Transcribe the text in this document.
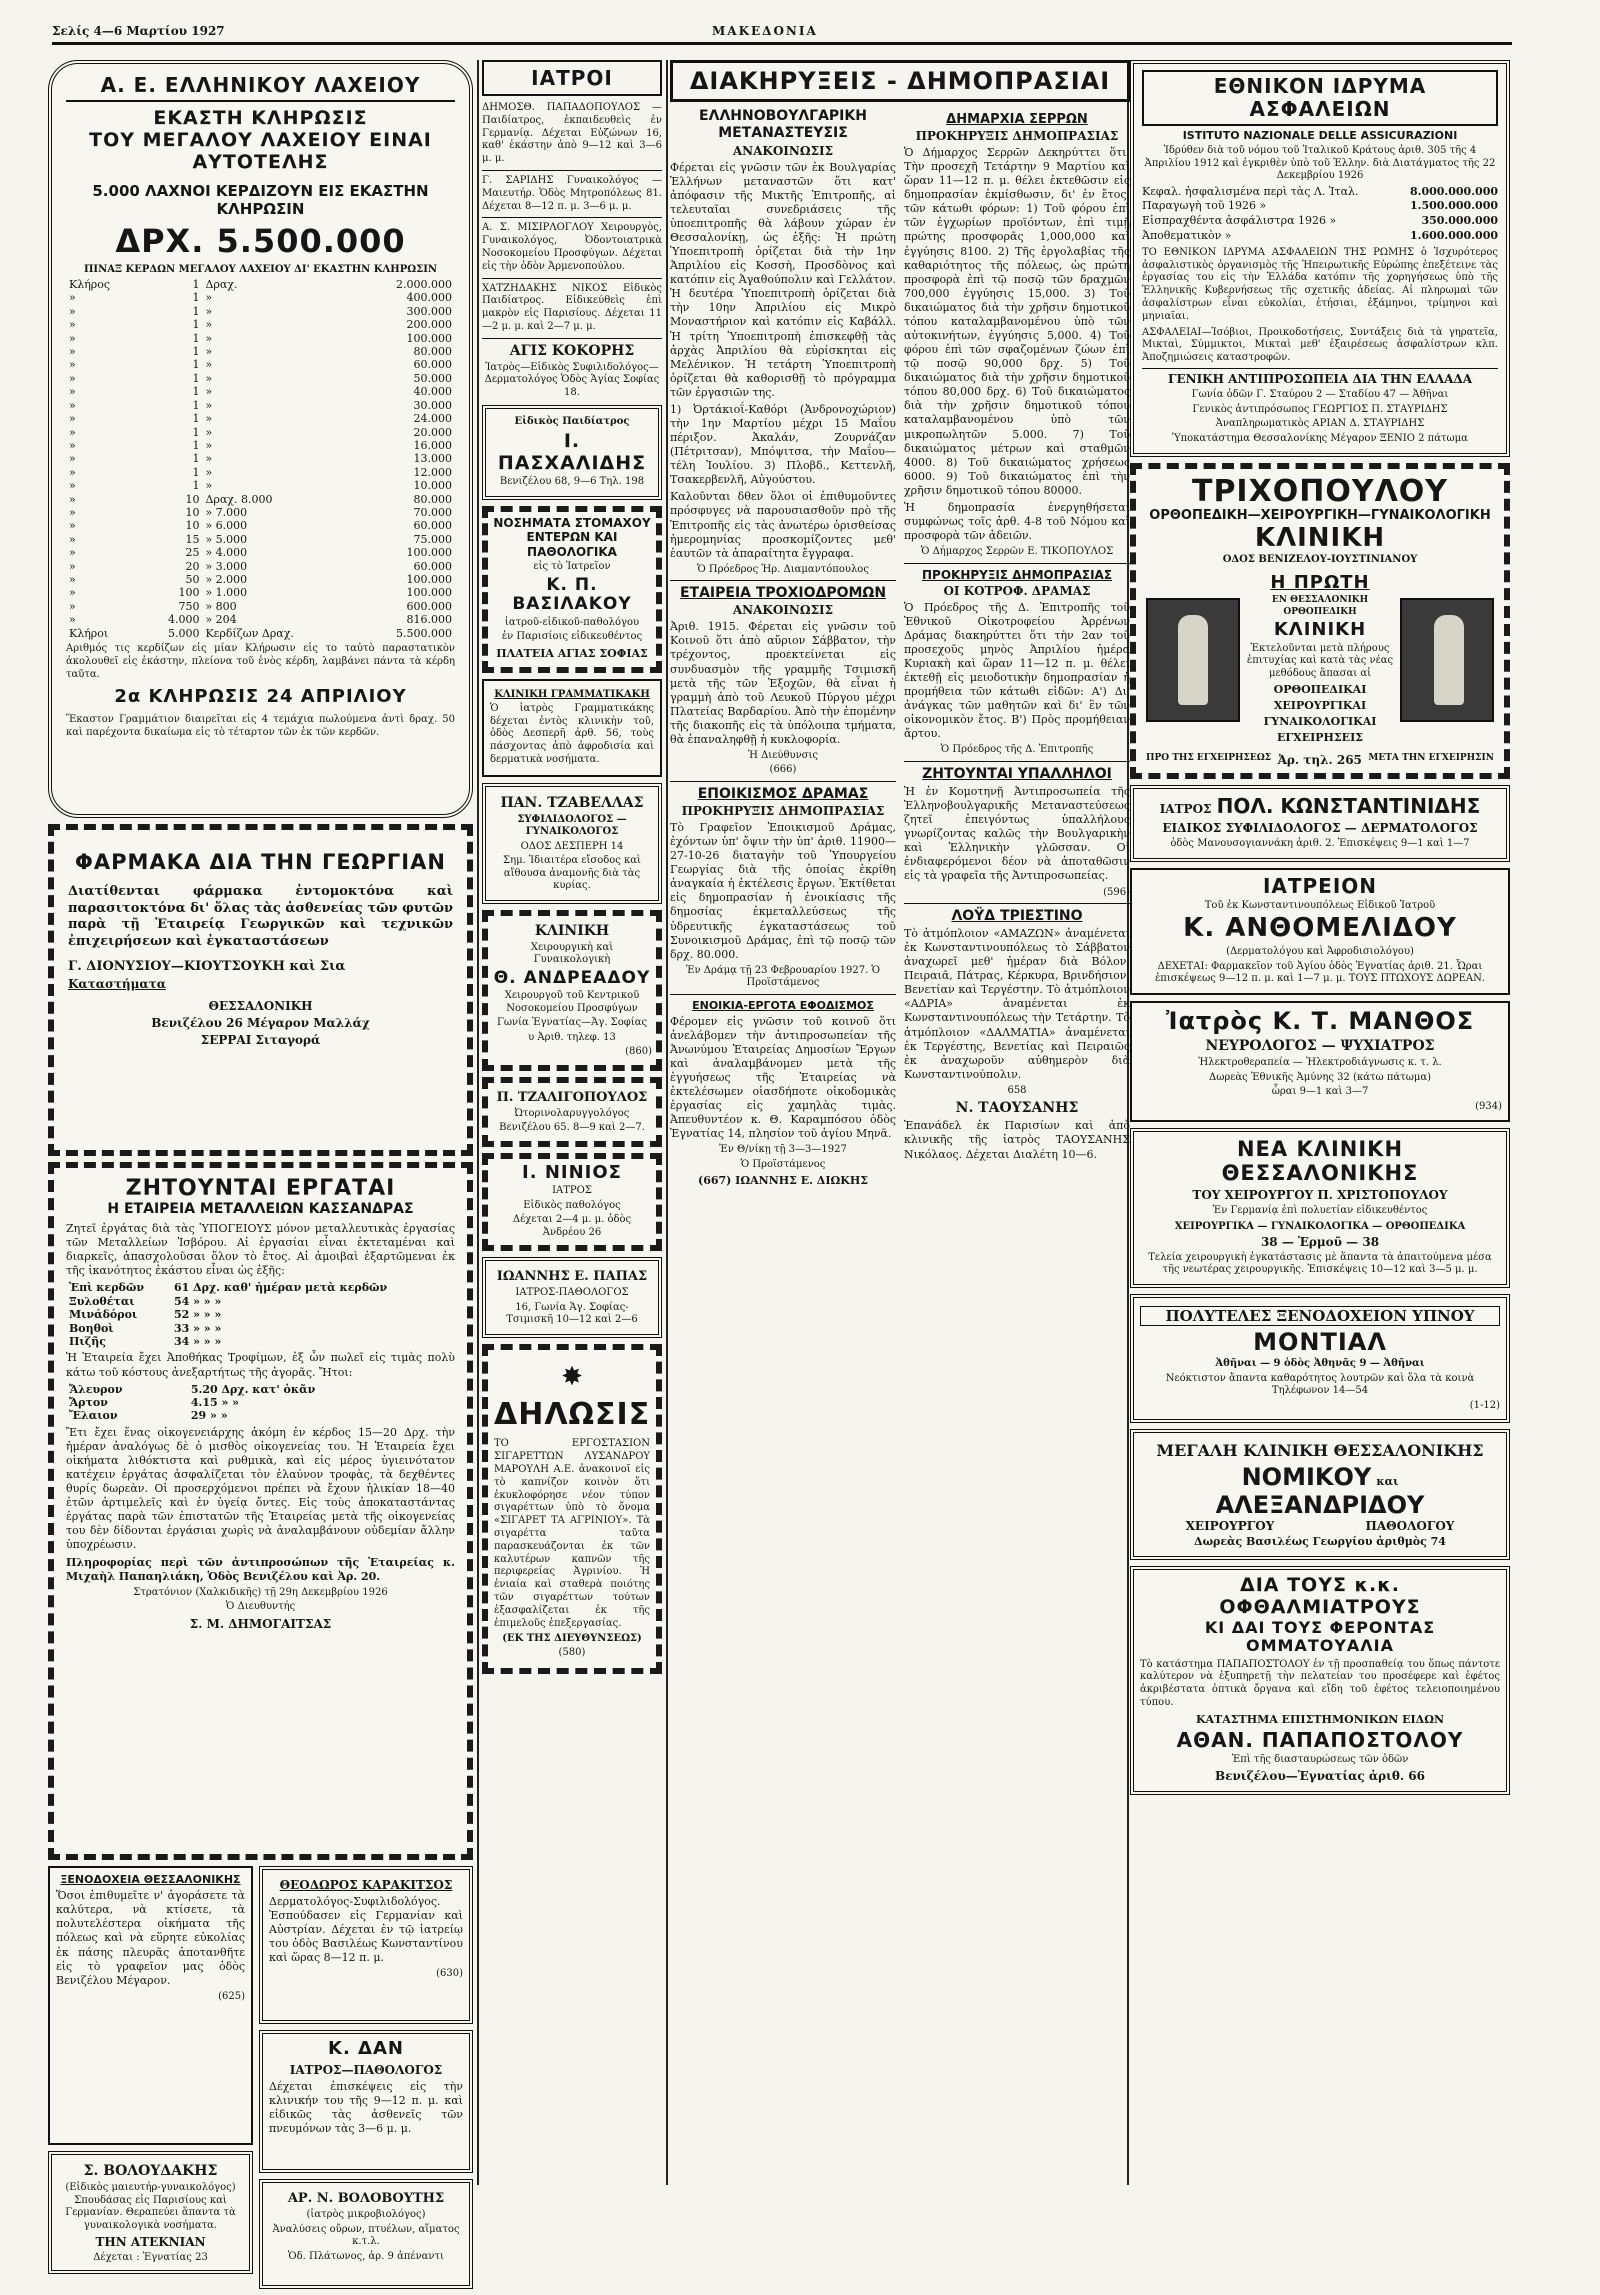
Σελίς 4—6 Μαρτίου 1927	ΜΑΚΕΔΟΝΙΑ
Α. Ε. ΕΛΛΗΝΙΚΟΥ ΛΑΧΕΙΟΥ
ΕΚΑΣΤΗ ΚΛΗΡΩΣΙΣ
ΤΟΥ ΜΕΓΑΛΟΥ ΛΑΧΕΙΟΥ ΕΙΝΑΙ ΑΥΤΟΤΕΛΗΣ
5.000 ΛΑΧΝΟΙ ΚΕΡΔΙΖΟΥΝ ΕΙΣ ΕΚΑΣΤΗΝ ΚΛΗΡΩΣΙΝ
ΔΡΧ. 5.500.000
ΠΙΝΑΞ ΚΕΡΔΩΝ ΜΕΓΑΛΟΥ ΛΑΧΕΙΟΥ ΔΙ' ΕΚΑΣΤΗΝ ΚΛΗΡΩΣΙΝ
Κλήρος	1	Δραχ.	2.000.000
»	1	»	400.000
»	1	»	300.000
»	1	»	200.000
»	1	»	100.000
»	1	»	80.000
»	1	»	60.000
»	1	»	50.000
»	1	»	40.000
»	1	»	30.000
»	1	»	24.000
»	1	»	20.000
»	1	»	16.000
»	1	»	13.000
»	1	»	12.000
»	1	»	10.000
»	10	Δραχ. 8.000	80.000
»	10	» 7.000	70.000
»	10	» 6.000	60.000
»	15	» 5.000	75.000
»	25	» 4.000	100.000
»	20	» 3.000	60.000
»	50	» 2.000	100.000
»	100	» 1.000	100.000
»	750	» 800	600.000
»	4.000	» 204	816.000
Κλήροι	5.000	Κερδίζων Δραχ.	5.500.000
Αριθμός τις κερδίζων εἰς μίαν Κλήρωσιν εἰς το ταὐτὸ παραστατικὸν ἀκολουθεῖ εἰς ἐκάστην, πλείονα τοῦ ἑνὸς κέρδη, λαμβάνει πάντα τὰ κέρδη ταῦτα.
2α ΚΛΗΡΩΣΙΣ 24 ΑΠΡΙΛΙΟΥ
Ἕκαστον Γραμμάτιον διαιρεῖται εἰς 4 τεμάχια πωλούμενα ἀντὶ δραχ. 50 καὶ παρέχοντα δικαίωμα εἰς τὸ τέταρτον τῶν ἐκ τῶν κερδῶν.
ΦΑΡΜΑΚΑ ΔΙΑ ΤΗΝ ΓΕΩΡΓΙΑΝ
Διατίθενται φάρμακα ἐντομοκτόνα καὶ παρασιτοκτόνα δι' ὅλας τὰς ἀσθενείας τῶν φυτῶν παρὰ τῇ Ἑταιρείᾳ Γεωργικῶν καὶ τεχνικῶν ἐπιχειρήσεων καὶ ἐγκαταστάσεων
Γ. ΔΙΟΝΥΣΙΟΥ—ΚΙΟΥΤΣΟΥΚΗ καὶ Σια
Καταστήματα
ΘΕΣΣΑΛΟΝΙΚΗ
Βενιζέλου 26 Μέγαρον Μαλλάχ
ΣΕΡΡΑΙ Σιταγορά
ΖΗΤΟΥΝΤΑΙ ΕΡΓΑΤΑΙ
Η ΕΤΑΙΡΕΙΑ ΜΕΤΑΛΛΕΙΩΝ ΚΑΣΣΑΝΔΡΑΣ
Ζητεῖ ἐργάτας διὰ τὰς ὙΠΟΓΕΙΟΥΣ μόνον μεταλλευτικὰς ἐργασίας τῶν Μεταλλείων Ἰσβόρου. Αἱ ἐργασίαι εἶναι ἐκτεταμέναι καὶ διαρκεῖς, ἀπασχολοῦσαι ὅλον τὸ ἔτος. Αἱ ἀμοιβαὶ ἐξαρτῶμεναι ἐκ τῆς ἱκανότητος ἑκάστου εἶναι ὡς ἑξῆς:
Ἐπὶ κερδῶν	61 Δρχ. καθ' ἡμέραν μετὰ κερδῶν
Ξυλοθέται	54 » » »
Μινάδόροι	52 » » »
Βοηθοὶ	33 » » »
Πιζῆς	34 » » »
Ἡ Ἑταιρεία ἔχει Ἀποθήκας Τροφίμων, ἐξ ὧν πωλεῖ εἰς τιμὰς πολὺ κάτω τοῦ κόστους ἀνεξαρτήτως τῆς ἀγορᾶς. Ἤτοι:
Ἄλευρον	5.20 Δρχ. κατ' ὀκᾶν
Ἄρτον	4.15 » »
Ἔλαιον	29 » »
Ἔτι ἔχει ἕνας οἰκογενειάρχης ἀκόμη ἐν κέρδος 15—20 Δρχ. τὴν ἡμέραν ἀναλόγως δὲ ὁ μισθὸς οἰκογενείας του. Ἡ Ἑταιρεία ἔχει οἰκήματα λιθόκτιστα καὶ ρυθμικὰ, καὶ εἰς μέρος ὑγιεινότατον κατέχειν ἐργάτας ἀσφαλίζεται τὸν ἐλαύνον τροφὰς, τὰ δεχθέντες θυρίς δωρεὰν. Οἱ προσερχόμενοι πρέπει νὰ ἔχουν ἡλικίαν 18—40 ἐτῶν ἀρτιμελεῖς καὶ ἐν ὑγείᾳ ὄντες. Εἰς τοὺς ἀποκαταστάντας ἐργάτας παρὰ τῶν ἐπιστατῶν τῆς Ἑταιρείας μετὰ τῆς οἰκογενείας του δὲν δίδονται ἐργάσιαι χωρὶς νὰ ἀναλαμβάνουν οὐδεμίαν ἄλλην ὑποχρέωσιν.
Πληροφορίας περὶ τῶν ἀντιπροσώπων τῆς Ἑταιρείας κ. Μιχαὴλ Παπαηλιάκη, Ὁδὸς Βενιζέλου καὶ Ἀρ. 20.
Στρατόνιον (Χαλκιδικῆς) τῇ 29η Δεκεμβρίου 1926
Ὁ Διευθυντής
Σ. Μ. ΔΗΜΟΓΑΙΤΣΑΣ
ΞΕΝΟΔΟΧΕΙΑ ΘΕΣΣΑΛΟΝΙΚΗΣ
Ὅσοι ἐπιθυμεῖτε ν' ἀγοράσετε τὰ καλύτερα, νὰ κτίσετε, τὰ πολυτελέστερα οἰκήματα τῆς πόλεως καὶ νὰ εὕρητε εὐκολίας ἐκ πάσης πλευρᾶς ἀποτανθῆτε εἰς τὸ γραφεῖον μας ὁδὸς Βενιζέλου Μέγαρον.
(625)
Σ. ΒΟΛΟΥΔΑΚΗΣ
(Εἰδικὸς μαιευτήρ-γυναικολόγος) Σπουδάσας εἰς Παρισίους καὶ Γερμανίαν. Θεραπεύει ἅπαντα τὰ γυναικολογικὰ νοσήματα.
ΤΗΝ ΑΤΕΚΝΙΑΝ
Δέχεται : Ἐγνατίας 23
ΘΕΟΔΩΡΟΣ ΚΑΡΑΚΙΤΣΟΣ
Δερματολόγος-Συφιλιδολόγος. Ἐσπούδασεν εἰς Γερμανίαν καὶ Αὐστρίαν. Δέχεται ἐν τῷ ἰατρείῳ του ὁδὸς Βασιλέως Κωνσταντίνου καὶ ὥρας 8—12 π. μ.
(630)
Κ. ΔΑΝ
ΙΑΤΡΟΣ—ΠΑΘΟΛΟΓΟΣ
Δέχεται ἐπισκέψεις εἰς τὴν κλινικήν του τῆς 9—12 π. μ. καὶ εἰδικῶς τὰς ἀσθενεῖς τῶν πνευμόνων τὰς 3—6 μ. μ.
ΑΡ. Ν. ΒΟΛΟΒΟΥΤΗΣ
(ἰατρὸς μικροβιολόγος)
Ἀναλύσεις οὔρων, πτυέλων, αἵματος κ.τ.λ.
Ὁδ. Πλάτωνος, ἀρ. 9 ἀπέναντι
ΙΑΤΡΟΙ
ΔΗΜΟΣΘ. ΠΑΠΑΔΟΠΟΥΛΟΣ — Παιδίατρος, ἐκπαιδευθεὶς ἐν Γερμανίᾳ. Δέχεται Εὐζώνων 16, καθ' ἑκάστην ἀπὸ 9—12 καὶ 3—6 μ. μ.
Γ. ΣΑΡΙΔΗΣ Γυναικολόγος — Μαιευτήρ. Ὁδὸς Μητροπόλεως 81. Δέχεται 8—12 π. μ. 3—6 μ. μ.
Α. Σ. ΜΙΣΙΡΛΟΓΛΟΥ Χειρουργὸς, Γυναικολόγος, Ὀδοντοιατρικὰ Νοσοκομείου Προσφύγων. Δέχεται εἰς τὴν ὁδὸν Ἀρμενοπούλου.
ΧΑΤΖΗΔΑΚΗΣ ΝΙΚΟΣ Εἰδικὸς Παιδίατρος. Εἰδικεύθεὶς ἐπὶ μακρὸν εἰς Παρισίους. Δέχεται 11—2 μ. μ. καὶ 2—7 μ. μ.
ΑΓΙΣ ΚΟΚΟΡΗΣ
Ἰατρὸς—Εἰδικὸς Συφιλιδολόγος—Δερματολόγος Ὁδὸς Ἁγίας Σοφίας 18.
Εἰδικὸς Παιδίατρος
Ι. ΠΑΣΧΑΛΙΔΗΣ
Βενιζέλου 68, 9—6 Τηλ. 198
ΝΟΣΗΜΑΤΑ ΣΤΟΜΑΧΟΥ ΕΝΤΕΡΩΝ ΚΑΙ ΠΑΘΟΛΟΓΙΚΑ
εἰς τὸ Ἰατρεῖον
Κ. Π. ΒΑΣΙΛΑΚΟΥ
ἰατροῦ-εἰδικοῦ-παθολόγου
ἐν Παρισίοις εἰδικευθέντος
ΠΛΑΤΕΙΑ ΑΓΙΑΣ ΣΟΦΙΑΣ
ΚΛΙΝΙΚΗ ΓΡΑΜΜΑΤΙΚΑΚΗ
Ὁ ἰατρὸς Γραμματικάκης δέχεται ἐντὸς κλινικὴν τοῦ, ὁδὸς Δεσπερῆ ἀρθ. 56, τοὺς πάσχοντας ἀπὸ ἀφροδισία καὶ δερματικὰ νοσήματα.
ΠΑΝ. ΤΖΑΒΕΛΛΑΣ
ΣΥΦΙΛΙΔΟΛΟΓΟΣ — ΓΥΝΑΙΚΟΛΟΓΟΣ
ΟΔΟΣ ΔΕΣΠΕΡΗ 14
Σημ. Ἰδιαιτέρα εἴσοδος καὶ αἴθουσα ἀναμονῆς διὰ τὰς κυρίας.
ΚΛΙΝΙΚΗ
Χειρουργικὴ καὶ Γυναικολογικὴ
Θ. ΑΝΔΡΕΑΔΟΥ
Χειρουργοῦ τοῦ Κεντρικοῦ Νοσοκομείου Προσφύγων
Γωνία Ἐγνατίας—Ἀγ. Σοφίας
υ Ἀριθ. τηλεφ. 13
(860)
Π. ΤΖΑΛΙΓΟΠΟΥΛΟΣ
Ὠτορινολαρυγγολόγος
Βενιζέλου 65. 8—9 καὶ 2—7.
Ι. ΝΙΝΙΟΣ
ΙΑΤΡΟΣ
Εἰδικὸς παθολόγος
Δέχεται 2—4 μ. μ. ὁδὸς Ἀνδρέου 26
ΙΩΑΝΝΗΣ Ε. ΠΑΠΑΣ
ΙΑΤΡΟΣ-ΠΑΘΟΛΟΓΟΣ
16, Γωνία Ἁγ. Σοφίας-Τσιμισκῆ 10—12 καὶ 2—6
✸
ΔΗΛΩΣΙΣ
ΤΟ ΕΡΓΟΣΤΑΣΙΟΝ ΣΙΓΑΡΕΤΤΩΝ ΛΥΣΑΝΔΡΟΥ ΜΑΡΟΥΛΗ Α.Ε. ἀνακοινοῖ εἰς τὸ καπνίζον κοινὸν ὅτι ἐκυκλοφόρησε νέον τύπον σιγαρέττων ὑπὸ τὸ ὄνομα «ΣΙΓΑΡΕΤ ΤΑ ΑΓΡΙΝΙΟΥ». Τὰ σιγαρέττα ταῦτα παρασκευάζονται ἐκ τῶν καλυτέρων καπνῶν τῆς περιφερείας Ἀγρινίου. Ἡ ἐνιαία καὶ σταθερὰ ποιότης τῶν σιγαρέττων τούτων ἐξασφαλίζεται ἐκ τῆς ἐπιμελοῦς ἐπεξεργασίας.
(ΕΚ ΤΗΣ ΔΙΕΥΘΥΝΣΕΩΣ)
(580)
ΔΙΑΚΗΡΥΞΕΙΣ - ΔΗΜΟΠΡΑΣΙΑΙ
ΕΛΛΗΝΟΒΟΥΛΓΑΡΙΚΗ ΜΕΤΑΝΑΣΤΕΥΣΙΣ
ΑΝΑΚΟΙΝΩΣΙΣ
Φέρεται εἰς γνῶσιν τῶν ἐκ Βουλγαρίας Ἑλλήνων μεταναστῶν ὅτι κατ' ἀπόφασιν τῆς Μικτῆς Ἐπιτροπῆς, αἱ τελευταῖαι συνεδριάσεις τῆς ὑποεπιτροπῆς θὰ λάβουν χώραν ἐν Θεσσαλονίκῃ, ὡς ἑξῆς: Ἡ πρώτη Ὑποεπιτροπὴ ὁρίζεται διὰ τὴν 1ην Ἀπριλίου εἰς Κοσσὴ, Προσδὸνος καὶ κατόπιν εἰς Ἀγαθούπολιν καὶ Γελλάτον. Ἡ δευτέρα Ὑποεπιτροπὴ ὁρίζεται διὰ τὴν 10ην Ἀπριλίου εἰς Μικρὸ Μοναστήριον καὶ κατόπιν εἰς Καβάλλ. Ἡ τρίτη Ὑποεπιτροπὴ ἐπισκεφθῇ τὰς ἀρχὰς Ἀπριλίου θὰ εὑρίσκηται εἰς Μελένικον. Ἡ τετάρτη Ὑποεπιτροπὴ ὁρίζεται θὰ καθορισθῇ τὸ πρόγραμμα τῶν ἐργασιῶν της.
1) Ὀρτάκιοΐ-Καθόρι (Ἀνδρονοχώριον) τὴν 1ην Μαρτίου μέχρι 15 Μαΐου πέριξον. Ἀκαλάν, Ζουρνάζαν (Πέτριτσαν), Μπόψιτσα, τὴν Μαΐου—τέλη Ἰουλίου. 3) Πλοβδ., Κεττενλῆ, Τσακερβενλῆ, Αὐγούστου.
Καλοῦνται δθεν ὅλοι οἱ ἐπιθυμοῦντες πρόσφυγες νὰ παρουσιασθοῦν πρὸ τῆς Ἐπιτροπῆς εἰς τὰς ἀνωτέρω ὁρισθείσας ἡμερομηνίας προσκομίζοντες μεθ' ἑαυτῶν τὰ ἀπαραίτητα ἔγγραφα.
Ὁ Πρόεδρος Ἡρ. Διαμαντόπουλος
ΕΤΑΙΡΕΙΑ ΤΡΟΧΙΟΔΡΟΜΩΝ
ΑΝΑΚΟΙΝΩΣΙΣ
Ἀριθ. 1915. Φέρεται εἰς γνῶσιν τοῦ Κοινοῦ ὅτι ἀπὸ αὔριον Σάββατον, τὴν τρέχοντος, προεκτείνεται εἰς συνδυασμὸν τῆς γραμμῆς Τσιμισκῆ μετὰ τῆς τῶν Ἐξοχῶν, θὰ εἶναι ἡ γραμμὴ ἀπὸ τοῦ Λευκοῦ Πύργου μέχρι Πλατείας Βαρδαρίου. Ἀπὸ τὴν ἐπομένην τῆς διακοπῆς εἰς τὰ ὑπόλοιπα τμήματα, θὰ ἐπαναληφθῇ ἡ κυκλοφορία.
Ἡ Διεύθυνσις
(666)
ΕΠΟΙΚΙΣΜΟΣ ΔΡΑΜΑΣ
ΠΡΟΚΗΡΥΞΙΣ ΔΗΜΟΠΡΑΣΙΑΣ
Τὸ Γραφεῖον Ἐποικισμοῦ Δράμας, ἐχόντων ὑπ' ὄψιν τὴν ὑπ' ἀριθ. 11900—27-10-26 διαταγὴν τοῦ Ὑπουργείου Γεωργίας διὰ τῆς ὁποίας ἐκρίθη ἀναγκαία ἡ ἐκτέλεσις ἔργων. Ἐκτίθεται εἰς δημοπρασίαν ἡ ἐνοικίασις τῆς δημοσίας ἐκμεταλλεύσεως τῆς ὑδρευτικῆς ἐγκαταστάσεως τοῦ Συνοικισμοῦ Δράμας, ἐπὶ τῷ ποσῷ τῶν δρχ. 80.000.
Ἐν Δράμᾳ τῇ 23 Φεβρουαρίου 1927. Ὁ Προϊστάμενος
ΕΝΟΙΚΙΑ-ΕΡΓΟΤΑ ΕΦΟΔΙΣΜΟΣ
Φέρομεν εἰς γνῶσιν τοῦ κοινοῦ ὅτι ἀνελάβομεν τὴν ἀντιπροσωπείαν τῆς Ἀνωνύμου Ἑταιρείας Δημοσίων Ἔργων καὶ ἀναλαμβάνομεν μετὰ τῆς ἐγγυήσεως τῆς Ἑταιρείας νὰ ἐκτελέσωμεν οἱασδήποτε οἰκοδομικὰς ἐργασίας εἰς χαμηλὰς τιμὰς. Ἀπευθυντέον κ. Θ. Καραμπόσου ὁδὸς Ἐγνατίας 14, πλησίον τοῦ ἁγίου Μηνᾶ.
Ἐν Θ/νίκῃ τῇ 3—3—1927
Ὁ Προϊστάμενος
(667) ΙΩΑΝΝΗΣ Ε. ΔΙΩΚΗΣ
ΔΗΜΑΡΧΙΑ ΣΕΡΡΩΝ
ΠΡΟΚΗΡΥΞΙΣ ΔΗΜΟΠΡΑΣΙΑΣ
Ὁ Δήμαρχος Σερρῶν Δεκηρύττει ὅτι, Τὴν προσεχῆ Τετάρτην 9 Μαρτίου καὶ ὥραν 11—12 π. μ. θέλει ἐκτεθῶσιν εἰς δημοπρασίαν ἐκμίσθωσιν, δι' ἐν ἔτος, τῶν κάτωθι φόρων: 1) Τοῦ φόρου ἐπὶ τῶν ἐγχωρίων προϊόντων, ἐπὶ τιμῇ πρώτης προσφορᾶς 1,000,000 καὶ ἐγγύησις 8100. 2) Τῆς ἐργολαβίας τῆς καθαριότητος τῆς πόλεως, ὡς πρώτη προσφορὰ ἐπὶ τῷ ποσῷ τῶν δραχμῶν 700,000 ἐγγύησις 15,000. 3) Τοῦ δικαιώματος διὰ τὴν χρῆσιν δημοτικοῦ τόπου καταλαμβανομένου ὑπὸ τῶν αὐτοκινήτων, ἐγγύησις 5,000. 4) Τοῦ φόρου ἐπὶ τῶν σφαζομένων ζώων ἐπὶ τῷ ποσῷ 90,000 δρχ. 5) Τοῦ δικαιώματος διὰ τὴν χρῆσιν δημοτικοῦ τόπου 80,000 δρχ. 6) Τοῦ δικαιώματος διὰ τὴν χρῆσιν δημοτικοῦ τόπου καταλαμβανομένου ὑπὸ τῶν μικροπωλητῶν 5.000. 7) Τοῦ δικαιώματος μέτρων καὶ σταθμῶν 4000. 8) Τοῦ δικαιώματος χρήσεως 6000. 9) Τοῦ δικαιώματος ἐπὶ τὴν χρῆσιν δημοτικοῦ τόπου 80000.
Ἡ δημοπρασία ἐνεργηθήσεται συμφώνως τοῖς ἀρθ. 4-8 τοῦ Νόμου καὶ προσφορὰ τῶν ἀδειῶν.
Ὁ Δήμαρχος Σερρῶν Ε. ΤΙΚΟΠΟΥΛΟΣ
ΠΡΟΚΗΡΥΞΙΣ ΔΗΜΟΠΡΑΣΙΑΣ
ΟΙ ΚΟΤΡΟΦ. ΔΡΑΜΑΣ
Ὁ Πρόεδρος τῆς Δ. Ἐπιτροπῆς τοῦ Ἐθνικοῦ Οἰκοτροφείου Ἀρρένων Δράμας διακηρύττει ὅτι τὴν 2αν τοῦ προσεχοῦς μηνὸς Ἀπριλίου ἡμέρα Κυριακὴ καὶ ὥραν 11—12 π. μ. θέλει ἐκτεθῇ εἰς μειοδοτικὴν δημοπρασίαν ἡ προμήθεια τῶν κάτωθι εἰδῶν: Α') Δι' ἀνάγκας τῶν μαθητῶν καὶ δι' ἓν τῶν οἰκονομικὸν ἔτος. Β') Πρὸς προμήθειαν ἄρτου.
Ὁ Πρόεδρος τῆς Δ. Ἐπιτροπῆς
ΖΗΤΟΥΝΤΑΙ ΥΠΑΛΛΗΛΟΙ
Ἡ ἐν Κομοτηνῇ Ἀντιπροσωπεία τῆς Ἑλληνοβουλγαρικῆς Μεταναστεύσεως ζητεῖ ἐπειγόντως ὑπαλλήλους γνωρίζοντας καλῶς τὴν Βουλγαρικὴν καὶ Ἑλληνικὴν γλῶσσαν. Οἱ ἐνδιαφερόμενοι δέον νὰ ἀποταθῶσιν εἰς τὰ γραφεῖα τῆς Ἀντιπροσωπείας.
(596)
ΛΟΫΔ ΤΡΙΕΣΤΙΝΟ
Τὸ ἀτμόπλοιον «ΑΜΑΖΩΝ» ἀναμένεται ἐκ Κωνσταντινουπόλεως τὸ Σάββατον ἀναχωρεῖ μεθ' ἡμέραν διὰ Βόλον, Πειραιᾶ, Πάτρας, Κέρκυρα, Βρινδήσιον, Βενετίαν καὶ Τεργέστην. Τὸ ἀτμόπλοιον «ΑΔΡΙΑ» ἀναμένεται ἐκ Κωνσταντινουπόλεως τὴν Τετάρτην. Τὸ ἀτμόπλοιον «ΔΑΛΜΑΤΙΑ» ἀναμένεται ἐκ Τεργέστης, Βενετίας καὶ Πειραιῶς ἐκ ἀναχωροῦν αὐθημερὸν διὰ Κωνσταντινούπολιν.
658
Ν. ΤΑΟΥΣΑΝΗΣ
Ἐπανάδελ ἐκ Παρισίων καὶ ἀπὸ κλινικῆς τῆς ἰατρὸς ΤΑΟΥΣΑΝΗΣ Νικόλαος. Δέχεται Διαλέτη 10—6.
ΕΘΝΙΚΟΝ ΙΔΡΥΜΑ ΑΣΦΑΛΕΙΩΝ
ISTITUTO NAZIONALE DELLE ASSICURAZIONI
Ἱδρύθεν διὰ τοῦ νόμου τοῦ Ἰταλικοῦ Κράτους ἀριθ. 305 τῆς 4 Ἀπριλίου 1912 καὶ ἐγκριθὲν ὑπὸ τοῦ Ἑλλην. διὰ Διατάγματος τῆς 22 Δεκεμβρίου 1926
Κεφαλ. ἠσφαλισμένα περὶ τὰς Λ. Ἰταλ.	8.000.000.000
Παραγωγὴ τοῦ 1926 »	1.500.000.000
Εἰσπραχθέντα ἀσφάλιστρα 1926 »	350.000.000
Ἀποθεματικὸν »	1.600.000.000
ΤΟ ΕΘΝΙΚΟΝ ΙΔΡΥΜΑ ΑΣΦΑΛΕΙΩΝ ΤΗΣ ΡΩΜΗΣ ὁ Ἰσχυρότερος ἀσφαλιστικὸς ὀργανισμὸς τῆς Ἠπειρωτικῆς Εὐρώπης ἐπεξέτεινε τὰς ἐργασίας του εἰς τὴν Ἑλλάδα κατόπιν τῆς χορηγήσεως ὑπὸ τῆς Ἑλληνικῆς Κυβερνήσεως τῆς σχετικῆς ἀδείας. Αἱ πληρωμαὶ τῶν ἀσφαλίστρων εἶναι εὐκολίαι, ἐτήσιαι, ἑξάμηνοι, τρίμηνοι καὶ μηνιαῖαι.
ΑΣΦΑΛΕΙΑΙ—Ἰσόβιοι, Προικοδοτήσεις, Συντάξεις διὰ τὰ γηρατεῖα, Μικταὶ, Σύμμικτοι, Μικταὶ μεθ' ἐξαιρέσεως ἀσφαλίστρων κλπ. Ἀποζημιώσεις καταστροφῶν.
ΓΕΝΙΚΗ ΑΝΤΙΠΡΟΣΩΠΕΙΑ ΔΙΑ ΤΗΝ ΕΛΛΑΔΑ
Γωνία ὁδῶν Γ. Σταύρου 2 — Σταδίου 47 — Ἀθῆναι
Γενικὸς ἀντιπρόσωπος ΓΕΩΡΓΙΟΣ Π. ΣΤΑΥΡΙΔΗΣ
Ἀναπληρωματικὸς ΑΡΙΑΝ Δ. ΣΤΑΥΡΙΔΗΣ
Ὑποκατάστημα Θεσσαλονίκης Μέγαρον ΞΕΝΙΟ 2 πάτωμα
ΤΡΙΧΟΠΟΥΛΟΥ
ΟΡΘΟΠΕΔΙΚΗ—ΧΕΙΡΟΥΡΓΙΚΗ—ΓΥΝΑΙΚΟΛΟΓΙΚΗ
ΚΛΙΝΙΚΗ
ΟΔΟΣ ΒΕΝΙΖΕΛΟΥ-ΙΟΥΣΤΙΝΙΑΝΟΥ
Η ΠΡΩΤΗ
ΕΝ ΘΕΣΣΑΛΟΝΙΚΗ ΟΡΘΟΠΕΔΙΚΗ
ΚΛΙΝΙΚΗ
Ἐκτελοῦνται μετὰ πλήρους ἐπιτυχίας καὶ κατὰ τὰς νέας μεθόδους ἅπασαι αἱ
ΟΡΘΟΠΕΔΙΚΑΙ
ΧΕΙΡΟΥΡΓΙΚΑΙ
ΓΥΝΑΙΚΟΛΟΓΙΚΑΙ
ΕΓΧΕΙΡΗΣΕΙΣ
ΠΡΟ ΤΗΣ ΕΓΧΕΙΡΗΣΕΩΣ Ἀρ. τηλ. 265 ΜΕΤΑ ΤΗΝ ΕΓΧΕΙΡΗΣΙΝ
ΙΑΤΡΟΣ ΠΟΛ. ΚΩΝΣΤΑΝΤΙΝΙΔΗΣ
ΕΙΔΙΚΟΣ ΣΥΦΙΛΙΔΟΛΟΓΟΣ — ΔΕΡΜΑΤΟΛΟΓΟΣ
ὁδὸς Μανουσογιαννάκη ἀριθ. 2. Ἐπισκέψεις 9—1 καὶ 1—7
ΙΑΤΡΕΙΟΝ
Τοῦ ἐκ Κωνσταντινουπόλεως Εἰδικοῦ Ἰατροῦ
Κ. ΑΝΘΟΜΕΛΙΔΟΥ
(Δερματολόγου καὶ Ἀφροδισιολόγου)
ΔΕΧΕΤΑΙ: Φαρμακεῖον τοῦ Ἀγίου ὁδὸς Ἐγνατίας ἀριθ. 21. Ὧραι ἐπισκέψεως 9—12 π. μ. καὶ 1—7 μ. μ. ΤΟΥΣ ΠΤΩΧΟΥΣ ΔΩΡΕΑΝ.
Ἰατρὸς Κ. Τ. ΜΑΝΘΟΣ
ΝΕΥΡΟΛΟΓΟΣ — ΨΥΧΙΑΤΡΟΣ
Ἠλεκτροθεραπεία — Ἠλεκτροδιάγνωσις κ. τ. λ.
Δωρεὰς Ἐθνικῆς Ἀμύνης 32 (κάτω πάτωμα)
ὧραι 9—1 καὶ 3—7
(934)
ΝΕΑ ΚΛΙΝΙΚΗ ΘΕΣΣΑΛΟΝΙΚΗΣ
ΤΟΥ ΧΕΙΡΟΥΡΓΟΥ Π. ΧΡΙΣΤΟΠΟΥΛΟΥ
Ἐν Γερμανίᾳ ἐπὶ πολυετίαν εἰδικευθέντος
ΧΕΙΡΟΥΡΓΙΚΑ — ΓΥΝΑΙΚΟΛΟΓΙΚΑ — ΟΡΘΟΠΕΔΙΚΑ
38 — Ἑρμοῦ — 38
Τελεία χειρουργικὴ ἐγκατάστασις μὲ ἅπαντα τὰ ἀπαιτούμενα μέσα τῆς νεωτέρας χειρουργικῆς. Ἐπισκέψεις 10—12 καὶ 3—5 μ. μ.
ΠΟΛΥΤΕΛΕΣ ΞΕΝΟΔΟΧΕΙΟΝ ΥΠΝΟΥ
ΜΟΝΤΙΑΛ
Ἀθῆναι — 9 ὁδὸς Ἀθηνᾶς 9 — Ἀθῆναι
Νεόκτιστον ἄπαντα καθαρότητος λουτρῶν καὶ ὅλα τὰ κοινὰ Τηλέφωνον 14—54
(1-12)
ΜΕΓΑΛΗ ΚΛΙΝΙΚΗ ΘΕΣΣΑΛΟΝΙΚΗΣ
ΝΟΜΙΚΟΥ και ΑΛΕΞΑΝΔΡΙΔΟΥ
ΧΕΙΡΟΥΡΓΟΥ	ΠΑΘΟΛΟΓΟΥ
Δωρεὰς Βασιλέως Γεωργίου ἀριθμὸς 74
ΔΙΑ ΤΟΥΣ κ.κ. ΟΦΘΑΛΜΙΑΤΡΟΥΣ
ΚΙ ΔΑΙ ΤΟΥΣ ΦΕΡΟΝΤΑΣ ΟΜΜΑΤΟΥΑΛΙΑ
Τὸ κατάστημα ΠΑΠΑΠΟΣΤΟΛΟΥ ἐν τῇ προσπαθείᾳ του ὅπως πάντοτε καλύτερον νὰ ἐξυπηρετῇ τὴν πελατείαν του προσέφερε καὶ ἐφέτος ἀκριβέστατα ὀπτικὰ ὄργανα καὶ εἴδη τοῦ ἐφέτος τελειοποιημένου τύπου.
ΚΑΤΑΣΤΗΜΑ ΕΠΙΣΤΗΜΟΝΙΚΩΝ ΕΙΔΩΝ
ΑΘΑΝ. ΠΑΠΑΠΟΣΤΟΛΟΥ
Ἐπὶ τῆς διασταυρώσεως τῶν ὁδῶν
Βενιζέλου—Ἐγνατίας ἀριθ. 66
